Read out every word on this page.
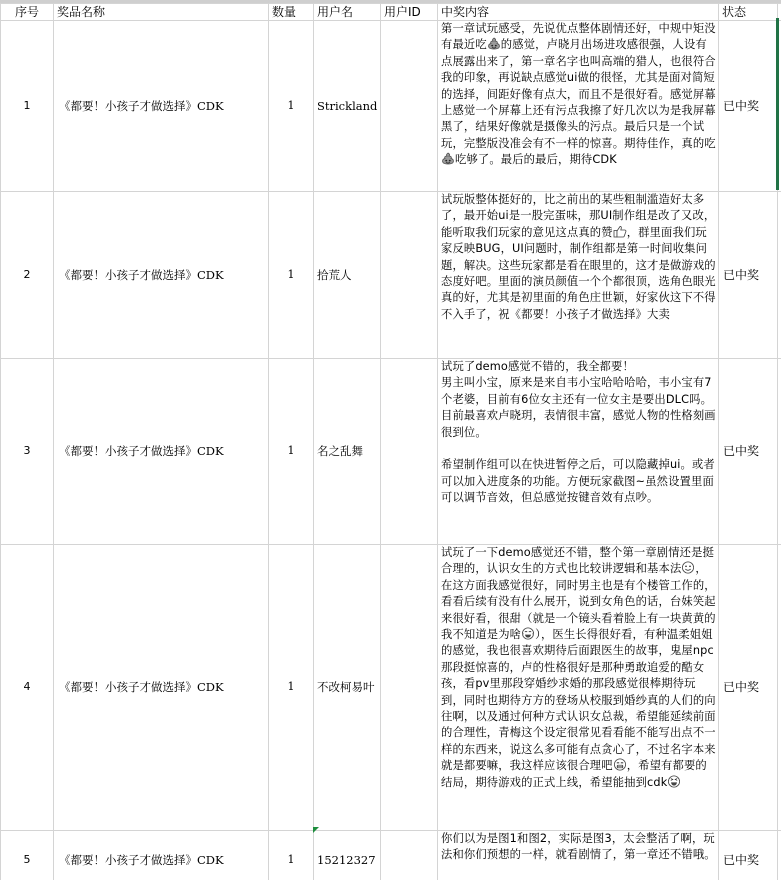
序号	奖品名称	数量	用户名	用户ID	中奖内容	状态	
1	《都要！小孩子才做选择》CDK	1	Strickland		第一章试玩感受，先说优点整体剧情还好，中规中矩没有最近吃 的感觉，卢晓月出场进攻感很强，人设有点展露出来了，第一章名字也叫高端的猎人，也很符合我的印象，再说缺点感觉ui做的很怪，尤其是面对简短的选择，间距好像有点大，而且不是很好看。感觉屏幕上感觉一个屏幕上还有污点我擦了好几次以为是我屏幕黑了，结果好像就是摄像头的污点。最后只是一个试玩，完整版没准会有不一样的惊喜。期待佳作，真的吃吃够了。最后的最后，期待CDK	已中奖	
2	《都要！小孩子才做选择》CDK	1	拾荒人		试玩版整体挺好的，比之前出的某些粗制滥造好太多了，最开始ui是一股完蛋味，那UI制作组是改了又改，能听取我们玩家的意见这点真的赞 ，群里面我们玩家反映BUG，UI问题时，制作组都是第一时间收集问题，解决。这些玩家都是看在眼里的，这才是做游戏的态度好吧。里面的演员颜值一个个都很顶，选角色眼光真的好，尤其是初里面的角色庄世颖，好家伙这下不得不入手了，祝《都要！小孩子才做选择》大卖	已中奖	
3	《都要！小孩子才做选择》CDK	1	名之乱舞		试玩了demo感觉不错的，我全都要！

男主叫小宝，原来是来自韦小宝哈哈哈哈，韦小宝有7个老婆，目前有6位女主还有一位女主是要出DLC吗。

目前最喜欢卢晓玥，表情很丰富，感觉人物的性格刻画很到位。

希望制作组可以在快进暂停之后，可以隐藏掉ui。或者可以加入进度条的功能。方便玩家截图~虽然设置里面可以调节音效，但总感觉按键音效有点吵。	已中奖	
4	《都要！小孩子才做选择》CDK	1	不改柯易叶		试玩了一下demo感觉还不错，整个第一章剧情还是挺合理的，认识女生的方式也比较讲逻辑和基本法 ，在这方面我感觉很好，同时男主也是有个楼管工作的，看看后续有没有什么展开，说到女角色的话，台妹笑起来很好看，很甜（就是一个镜头看着脸上有一块黄黄的我不知道是为啥 ），医生长得很好看，有种温柔姐姐的感觉，我也很喜欢期待后面跟医生的故事，鬼屋npc那段挺惊喜的，卢的性格很好是那种勇敢追爱的酷女孩，看pv里那段穿婚纱求婚的那段感觉很棒期待玩到，同时也期待方方的登场从校服到婚纱真的人们的向往啊，以及通过何种方式认识女总裁，希望能延续前面的合理性，青梅这个设定很常见看看能不能写出点不一样的东西来，说这么多可能有点贪心了，不过名字本来就是都要嘛，我这样应该很合理吧 ，希望有都要的结局，期待游戏的正式上线，希望能抽到cdk	已中奖	
5	《都要！小孩子才做选择》CDK	1	15212327		你们以为是图1和图2，实际是图3，太会整活了啊，玩法和你们预想的一样，就看剧情了，第一章还不错哦。	已中奖	
